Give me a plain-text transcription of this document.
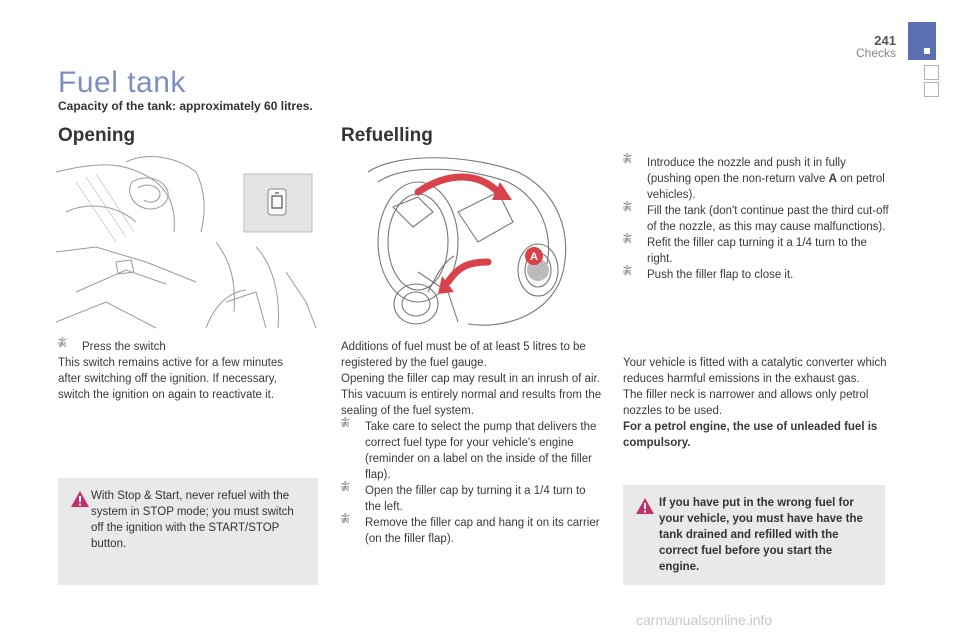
241
Checks
Fuel tank
Capacity of the tank: approximately 60 litres.
Opening
ༀ Press the switch
This switch remains active for a few minutes after switching off the ignition. If necessary, switch the ignition on again to reactivate it.
With Stop & Start, never refuel with the system in STOP mode; you must switch off the ignition with the START/STOP button.
Refuelling
A
Additions of fuel must be of at least 5 litres to be registered by the fuel gauge.
Opening the filler cap may result in an inrush of air. This vacuum is entirely normal and results from the sealing of the fuel system.
ༀ Take care to select the pump that delivers the correct fuel type for your vehicle's engine (reminder on a label on the inside of the filler flap).
ༀ Open the filler cap by turning it a 1/4 turn to the left.
ༀ Remove the filler cap and hang it on its carrier (on the filler flap).
ༀ Introduce the nozzle and push it in fully (pushing open the non-return valve A on petrol vehicles).
ༀ Fill the tank (don't continue past the third cut-off of the nozzle, as this may cause malfunctions).
ༀ Refit the filler cap turning it a 1/4 turn to the right.
ༀ Push the filler flap to close it.
Your vehicle is fitted with a catalytic converter which reduces harmful emissions in the exhaust gas.
The filler neck is narrower and allows only petrol nozzles to be used.
For a petrol engine, the use of unleaded fuel is compulsory.
If you have put in the wrong fuel for your vehicle, you must have have the tank drained and refilled with the correct fuel before you start the engine.
carmanualsonline.info
